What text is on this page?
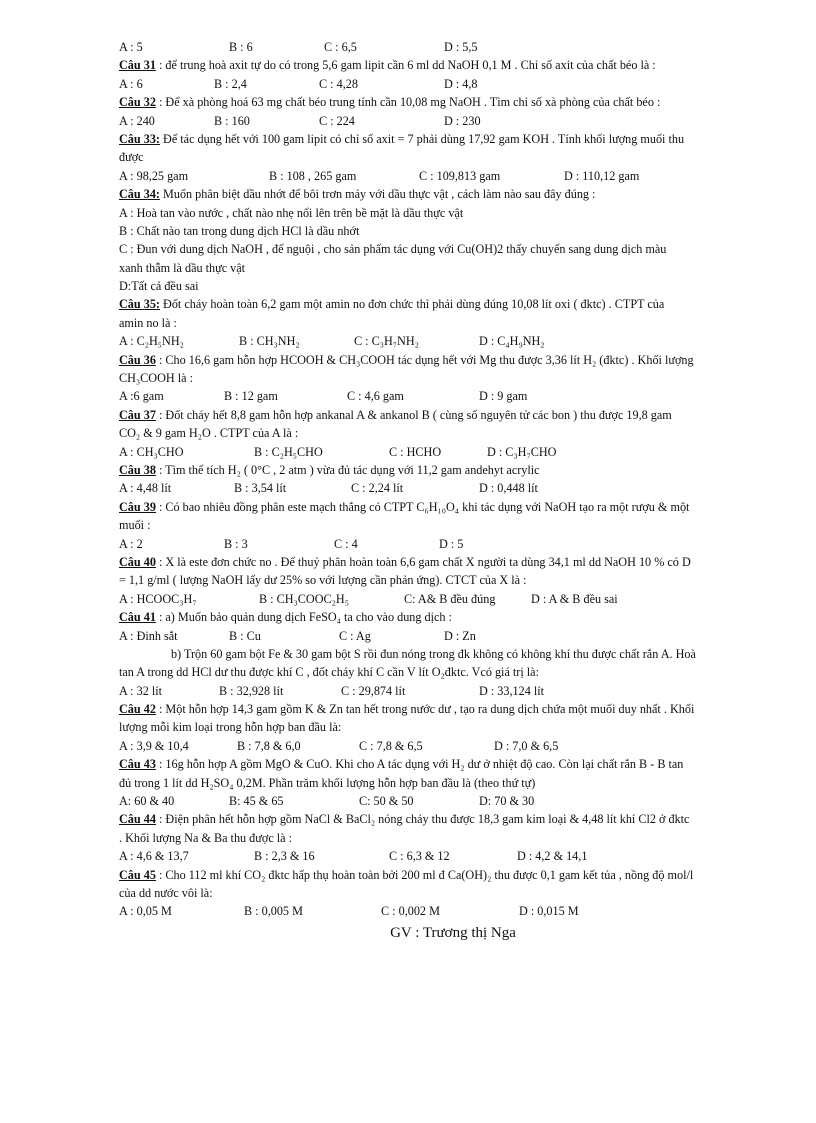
A : 5	B : 6	C : 6,5	D : 5,5
Câu 31 : để trung hoà axit tự do có trong 5,6 gam lipit cần 6 ml dd NaOH 0,1 M . Chỉ số axit của chất béo là :
A : 6	B : 2,4	C : 4,28	D : 4,8
Câu 32 : Để xà phòng hoá 63 mg chất béo trung tính cần 10,08 mg NaOH . Tìm chỉ số xà phòng của chất béo :
A : 240	B : 160	C : 224	D : 230
Câu 33: Để tác dụng hết với 100 gam lipit có chỉ số axit = 7 phải dùng 17,92 gam KOH . Tính khối lượng muối thu
được
A : 98,25 gam	B : 108 , 265 gam	C : 109,813 gam	D : 110,12 gam
Câu 34: Muốn phân biệt dầu nhớt để bôi trơn máy với dầu thực vật , cách làm nào sau đây đúng :
A : Hoà tan vào nước , chất nào nhẹ nổi lên trên bề mặt là dầu thực vật
B : Chất nào tan trong dung dịch HCl là dầu nhớt
C : Đun với dung dịch NaOH , để nguội , cho sản phẩm tác dụng với Cu(OH)2 thấy chuyển sang dung dịch màu
xanh thẫm là dầu thực vật
D:Tất cả đều sai
Câu 35: Đốt cháy hoàn toàn 6,2 gam một amin no đơn chức thì phải dùng đúng 10,08 lít oxi ( đktc) . CTPT của
amin no là :
A : C₂H₅NH₂	B : CH₃NH₂	C : C₃H₇NH₂	D : C₄H₉NH₂
Câu 36 : Cho 16,6 gam hỗn hợp HCOOH & CH₃COOH tác dụng hết với Mg thu được 3,36 lít H₂ (đktc) . Khối lượng
CH₃COOH là :
A :6 gam	B : 12 gam	C : 4,6 gam	D : 9 gam
Câu 37 : Đốt cháy hết 8,8 gam hỗn hợp ankanal A & ankanol B ( cùng số nguyên tử các bon ) thu được 19,8 gam
CO₂ & 9 gam H₂O . CTPT của A là :
A : CH₃CHO	B : C₂H₅CHO	C : HCHO	D : C₃H₇CHO
Câu 38 : Tìm thể tích H₂ ( 0°C , 2 atm ) vừa đủ tác dụng với 11,2 gam andehyt acrylic
A : 4,48 lít	B : 3,54 lít	C : 2,24 lít	D : 0,448 lít
Câu 39 : Có bao nhiêu đồng phân este mạch thẳng có CTPT C₆H₁₀O₄ khi tác dụng với NaOH tạo ra một rượu & một
muối :
A : 2	B : 3	C : 4	D : 5
Câu 40 : X là este đơn chức no . Để thuỷ phân hoàn toàn 6,6 gam chất X người ta dùng 34,1 ml dd NaOH 10 % có D
= 1,1 g/ml ( lượng NaOH lấy dư 25% so với lượng cần phản ứng). CTCT của X là :
A : HCOOC₃H₇	B : CH₃COOC₂H₅	C: A& B đều đúng	D : A & B đều sai
Câu 41 : a) Muốn bảo quản dung dịch FeSO₄ ta cho vào dung dịch :
A : Đinh sắt	B : Cu	C : Ag	D : Zn
b) Trộn 60 gam bột Fe & 30 gam bột S rồi đun nóng trong đk không có không khí thu được chất rắn A. Hoà
tan A trong dd HCl dư thu được khí C , đốt cháy khí C cần V lít O₂đktc. Vcó giá trị là:
A : 32 lít	B : 32,928 lít	C : 29,874 lít	D : 33,124 lít
Câu 42 : Một hỗn hợp 14,3 gam gồm K & Zn tan hết trong nước dư , tạo ra dung dịch chứa một muối duy nhất . Khối
lượng mỗi kim loại trong hỗn hợp ban đầu là:
A : 3,9 & 10,4	B : 7,8 & 6,0	C : 7,8 & 6,5	D : 7,0 & 6,5
Câu 43 : 16g hỗn hợp A gồm MgO & CuO. Khi cho A tác dụng với H₂ dư ở nhiệt độ cao. Còn lại chất rắn B - B tan
đủ trong 1 lít dd H₂SO₄ 0,2M. Phần trăm khối lượng hỗn hợp ban đầu là (theo thứ tự)
A: 60 & 40	B: 45 & 65	C: 50 & 50	D: 70 & 30
Câu 44 : Điện phân hết hỗn hợp gồm NaCl & BaCl₂ nóng chảy thu được 18,3 gam kim loại & 4,48 lít khí Cl2 ở đktc
. Khối lượng Na & Ba thu được là :
A : 4,6 & 13,7	B : 2,3 & 16	C : 6,3 & 12	D : 4,2 & 14,1
Câu 45 : Cho 112 ml khí CO₂ đktc hấp thụ hoàn toàn bởi 200 ml đ Ca(OH)₂ thu được 0,1 gam kết tủa , nồng độ mol/l
của dd nước vôi là:
A : 0,05 M	B : 0,005 M	C : 0,002 M	D : 0,015 M
GV : Trương thị Nga
